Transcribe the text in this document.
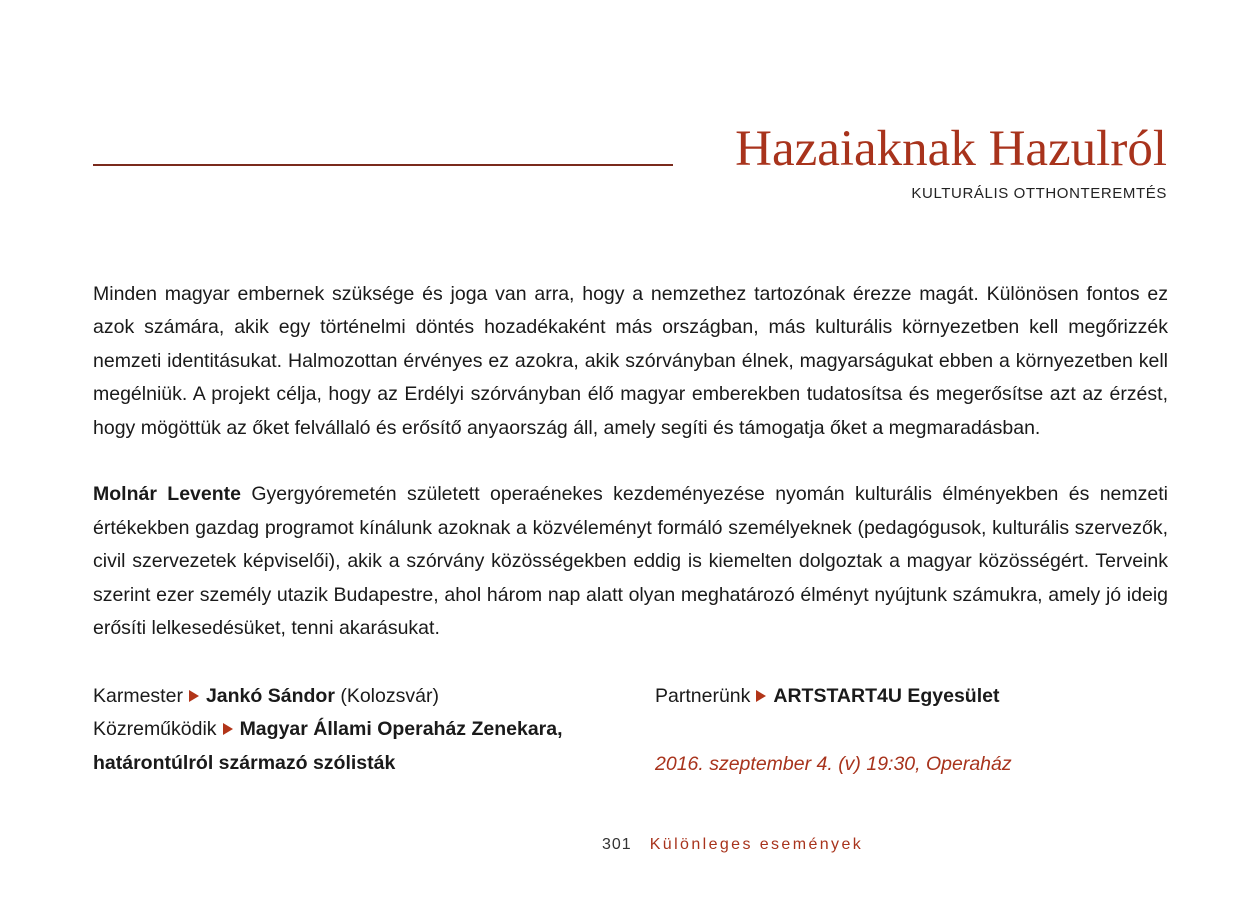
Hazaiaknak Hazulról
KULTURÁLIS OTTHONTEREMTÉS

Minden magyar embernek szüksége és joga van arra, hogy a nemzethez tartozónak érezze magát. Különösen fontos ez azok számára, akik egy történelmi döntés hozadékaként más országban, más kulturális környezetben kell megőrizzék nemzeti identitásukat. Halmozottan érvényes ez azokra, akik szórványban élnek, magyarságukat ebben a környezetben kell megélniük. A projekt célja, hogy az Erdélyi szórványban élő magyar emberekben tudatosítsa és megerősítse azt az érzést, hogy mögöttük az őket felvállaló és erősítő anyaország áll, amely segíti és támogatja őket a megmaradásban.

Molnár Levente Gyergyóremetén született operaénekes kezdeményezése nyomán kulturális élményekben és nemzeti értékekben gazdag programot kínálunk azoknak a közvéleményt formáló személyeknek (pedagógusok, kulturális szervezők, civil szervezetek képviselői), akik a szórvány közösségekben eddig is kiemelten dolgoztak a magyar közösségért. Terveink szerint ezer személy utazik Budapestre, ahol három nap alatt olyan meghatározó élményt nyújtunk számukra, amely jó ideig erősíti lelkesedésüket, tenni akarásukat.

Karmester Jankó Sándor (Kolozsvár)
Közreműködik Magyar Állami Operaház Zenekara,
határontúlról származó szólisták
Partnerünk ARTSTART4U Egyesület
2016. szeptember 4. (v) 19:30, Operaház
301 Különleges események
